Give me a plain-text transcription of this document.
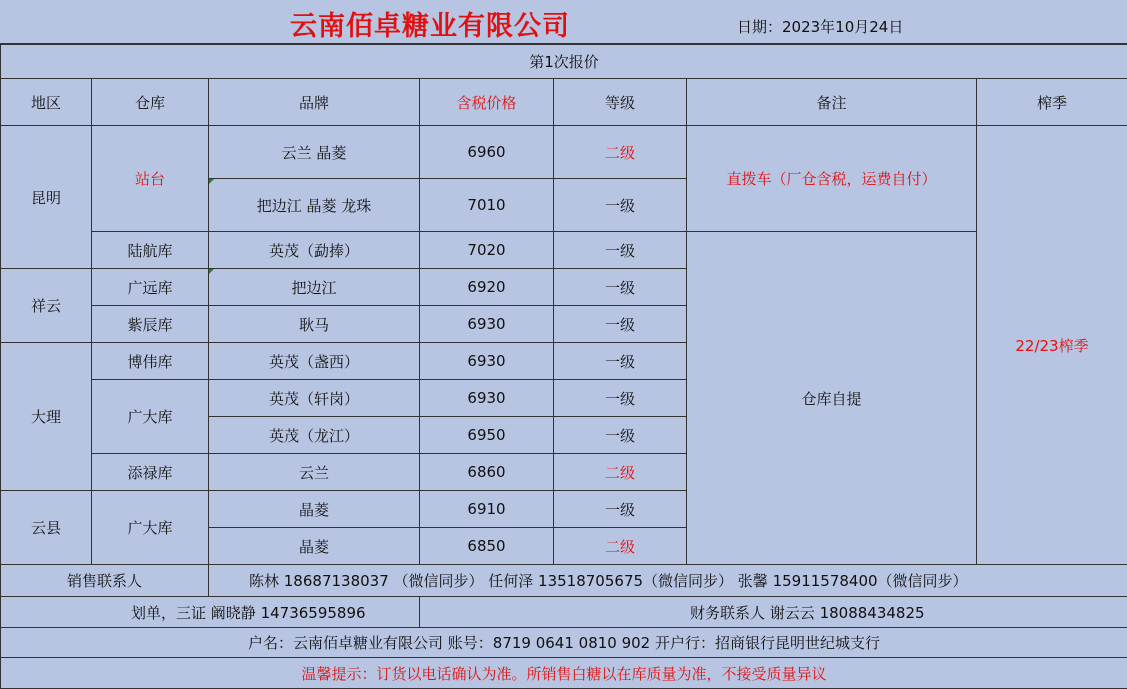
云南佰卓糖业有限公司	日期：2023年10月24日
第1次报价						
地区	仓库	品牌	含税价格	等级	备注	榨季
昆明	站台	云兰 晶菱	6960	二级	直拨车（厂仓含税，运费自付）	22/23榨季
		把边江 晶菱 龙珠	7010	一级		
	陆航库	英茂（勐捧）	7020	一级	仓库自提	
祥云	广远库	把边江	6920	一级		
	紫辰库	耿马	6930	一级		
大理	博伟库	英茂（盏西）	6930	一级		
	广大库	英茂（轩岗）	6930	一级		
		英茂（龙江）	6950	一级		
	添禄库	云兰	6860	二级		
云县	广大库	晶菱	6910	一级		
		晶菱	6850	二级		
销售联系人		陈林 18687138037 （微信同步） 任何泽 13518705675（微信同步） 张馨 15911578400（微信同步）				
划单，三证 阚晓静 14736595896			财务联系人 谢云云 18088434825			
户名：云南佰卓糖业有限公司 账号：8719 0641 0810 902 开户行：招商银行昆明世纪城支行						
温馨提示：订货以电话确认为准。所销售白糖以在库质量为准，不接受质量异议						
